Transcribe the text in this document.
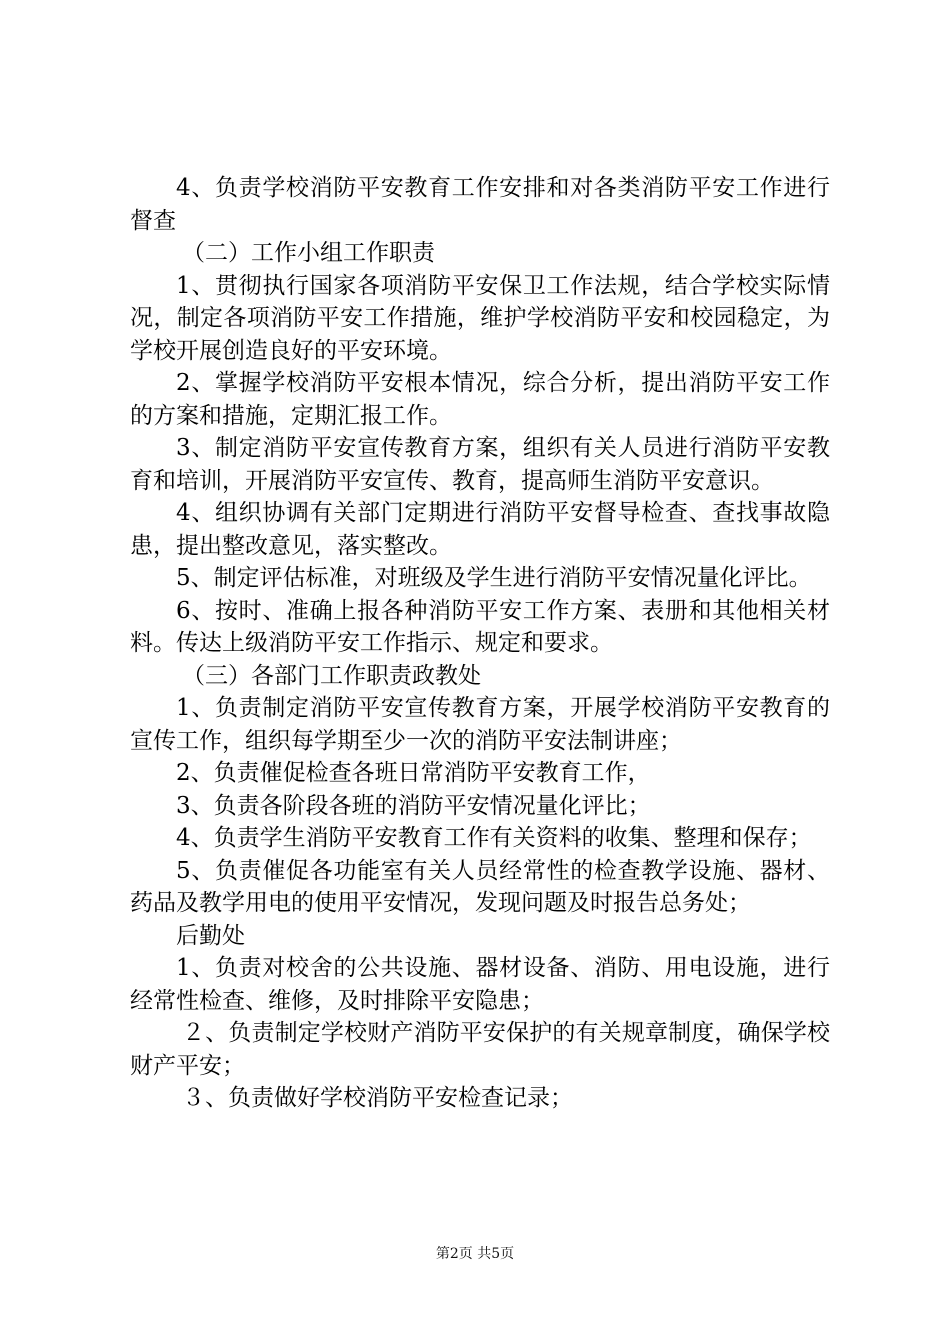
4、负责学校消防平安教育工作安排和对各类消防平安工作进行督查

（二）工作小组工作职责

1、贯彻执行国家各项消防平安保卫工作法规，结合学校实际情况，制定各项消防平安工作措施，维护学校消防平安和校园稳定，为学校开展创造良好的平安环境。

2、掌握学校消防平安根本情况，综合分析，提出消防平安工作的方案和措施，定期汇报工作。

3、制定消防平安宣传教育方案，组织有关人员进行消防平安教育和培训，开展消防平安宣传、教育，提高师生消防平安意识。

4、组织协调有关部门定期进行消防平安督导检查、查找事故隐患，提出整改意见，落实整改。

5、制定评估标准，对班级及学生进行消防平安情况量化评比。

6、按时、准确上报各种消防平安工作方案、表册和其他相关材料。传达上级消防平安工作指示、规定和要求。

（三）各部门工作职责政教处

1、负责制定消防平安宣传教育方案，开展学校消防平安教育的宣传工作，组织每学期至少一次的消防平安法制讲座；

2、负责催促检查各班日常消防平安教育工作，

3、负责各阶段各班的消防平安情况量化评比；

4、负责学生消防平安教育工作有关资料的收集、整理和保存；

5、负责催促各功能室有关人员经常性的检查教学设施、器材、药品及教学用电的使用平安情况，发现问题及时报告总务处；

后勤处

1、负责对校舍的公共设施、器材设备、消防、用电设施，进行经常性检查、维修，及时排除平安隐患；

２、负责制定学校财产消防平安保护的有关规章制度，确保学校财产平安；

３、负责做好学校消防平安检查记录；

第2页 共5页
